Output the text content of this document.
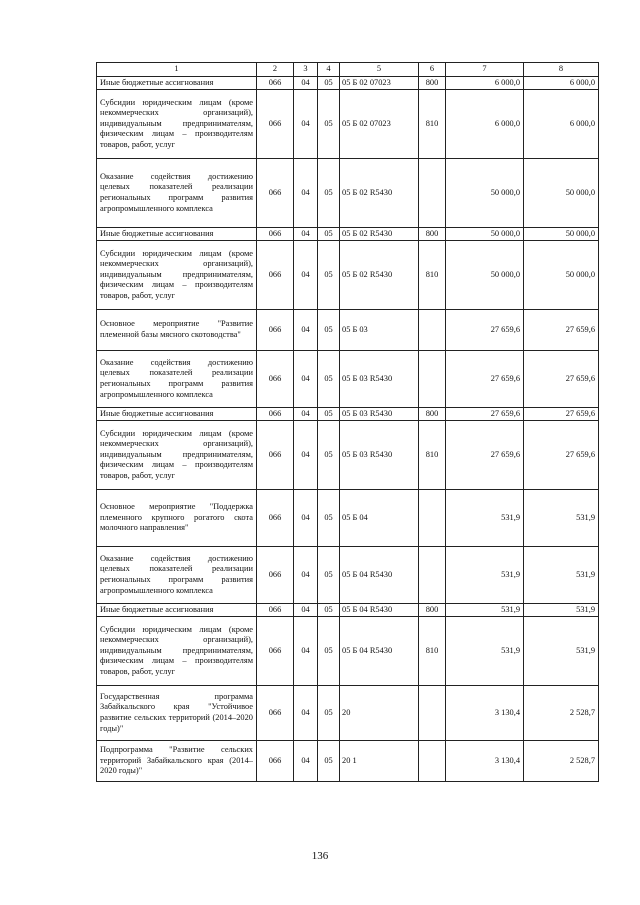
1	2	3	4	5	6	7	8
Иные бюджетные ассигнования	066	04	05	05 Б 02 07023	800	6 000,0	6 000,0
Субсидии юридическим лицам (кроме некоммерческих организаций), индивидуальным предпринимателям, физическим лицам – производителям товаров, работ, услуг	066	04	05	05 Б 02 07023	810	6 000,0	6 000,0
Оказание содействия достижению целевых показателей реализации региональных программ развития агропромышленного комплекса	066	04	05	05 Б 02 R5430		50 000,0	50 000,0
Иные бюджетные ассигнования	066	04	05	05 Б 02 R5430	800	50 000,0	50 000,0
Субсидии юридическим лицам (кроме некоммерческих организаций), индивидуальным предпринимателям, физическим лицам – производителям товаров, работ, услуг	066	04	05	05 Б 02 R5430	810	50 000,0	50 000,0
Основное мероприятие "Развитие племенной базы мясного скотоводства"	066	04	05	05 Б 03		27 659,6	27 659,6
Оказание содействия достижению целевых показателей реализации региональных программ развития агропромышленного комплекса	066	04	05	05 Б 03 R5430		27 659,6	27 659,6
Иные бюджетные ассигнования	066	04	05	05 Б 03 R5430	800	27 659,6	27 659,6
Субсидии юридическим лицам (кроме некоммерческих организаций), индивидуальным предпринимателям, физическим лицам – производителям товаров, работ, услуг	066	04	05	05 Б 03 R5430	810	27 659,6	27 659,6
Основное мероприятие "Поддержка племенного крупного рогатого скота молочного направления"	066	04	05	05 Б 04		531,9	531,9
Оказание содействия достижению целевых показателей реализации региональных программ развития агропромышленного комплекса	066	04	05	05 Б 04 R5430		531,9	531,9
Иные бюджетные ассигнования	066	04	05	05 Б 04 R5430	800	531,9	531,9
Субсидии юридическим лицам (кроме некоммерческих организаций), индивидуальным предпринимателям, физическим лицам – производителям товаров, работ, услуг	066	04	05	05 Б 04 R5430	810	531,9	531,9
Государственная программа Забайкальского края "Устойчивое развитие сельских территорий (2014–2020 годы)"	066	04	05	20		3 130,4	2 528,7
Подпрограмма "Развитие сельских территорий Забайкальского края (2014–2020 годы)"	066	04	05	20 1		3 130,4	2 528,7
136
